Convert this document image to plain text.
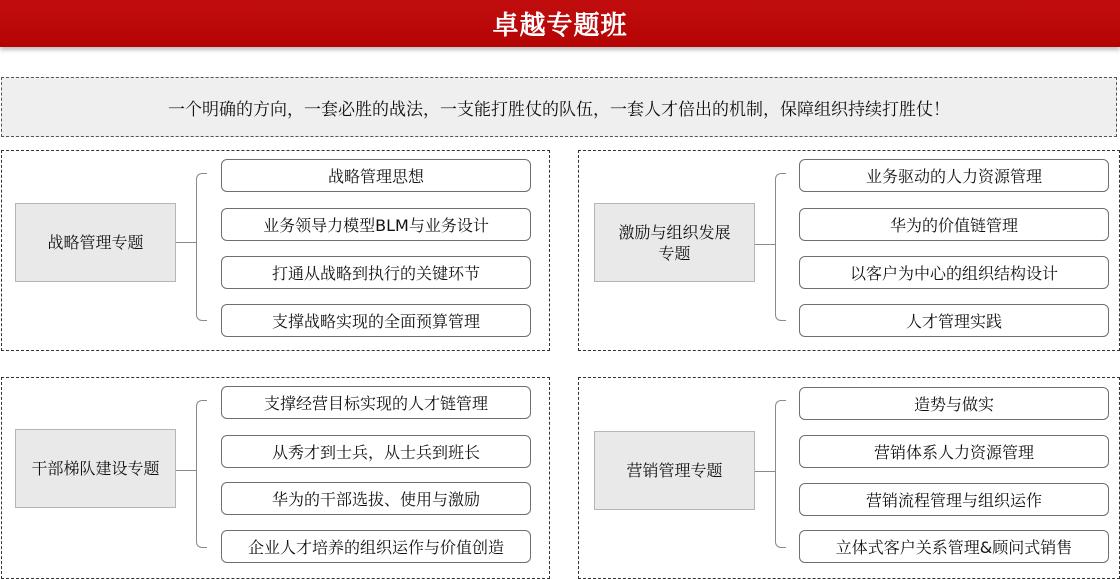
卓越专题班
一个明确的方向，一套必胜的战法，一支能打胜仗的队伍，一套人才倍出的机制，保障组织持续打胜仗！
战略管理专题
战略管理思想
业务领导力模型BLM与业务设计
打通从战略到执行的关键环节
支撑战略实现的全面预算管理
激励与组织发展
专题
业务驱动的人力资源管理
华为的价值链管理
以客户为中心的组织结构设计
人才管理实践
干部梯队建设专题
支撑经营目标实现的人才链管理
从秀才到士兵，从士兵到班长
华为的干部选拔、使用与激励
企业人才培养的组织运作与价值创造
营销管理专题
造势与做实
营销体系人力资源管理
营销流程管理与组织运作
立体式客户关系管理&顾问式销售
